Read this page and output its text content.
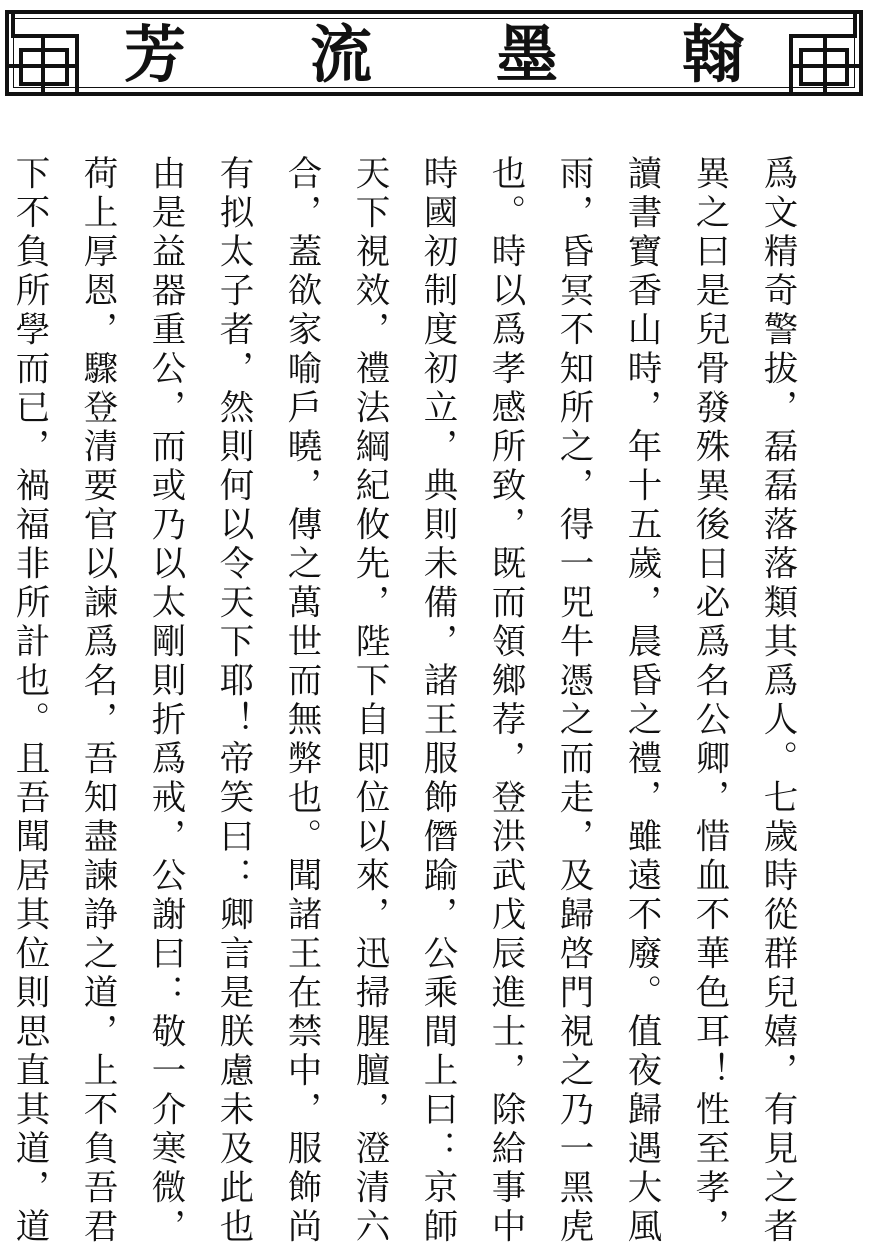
芳 流 墨 翰
爲文精奇警拔，磊磊落落類其爲人。七歲時從群兒嬉，有見之者
異之曰是兒骨發殊異後日必爲名公卿，惜血不華色耳！性至孝，
讀書寶香山時，年十五歲，晨昏之禮，雖遠不廢。值夜歸遇大風
雨，昏冥不知所之，得一兕牛憑之而走，及歸啓門視之乃一黑虎
也。時以爲孝感所致，既而領鄉荐，登洪武戊辰進士，除給事中
時國初制度初立，典則未備，諸王服飾僭踰，公乘間上曰：京師
天下視效，禮法綱紀攸先，陛下自即位以來，迅掃腥膻，澄清六
合，蓋欲家喻戶曉，傳之萬世而無弊也。聞諸王在禁中，服飾尚
有拟太子者，然則何以令天下耶！帝笑曰：卿言是朕慮未及此也
由是益器重公，而或乃以太剛則折爲戒，公謝曰：敬一介寒微，
荷上厚恩，驟登清要官以諫爲名，吾知盡諫諍之道，上不負吾君
下不負所學而已，禍福非所計也。且吾聞居其位則思直其道，道
